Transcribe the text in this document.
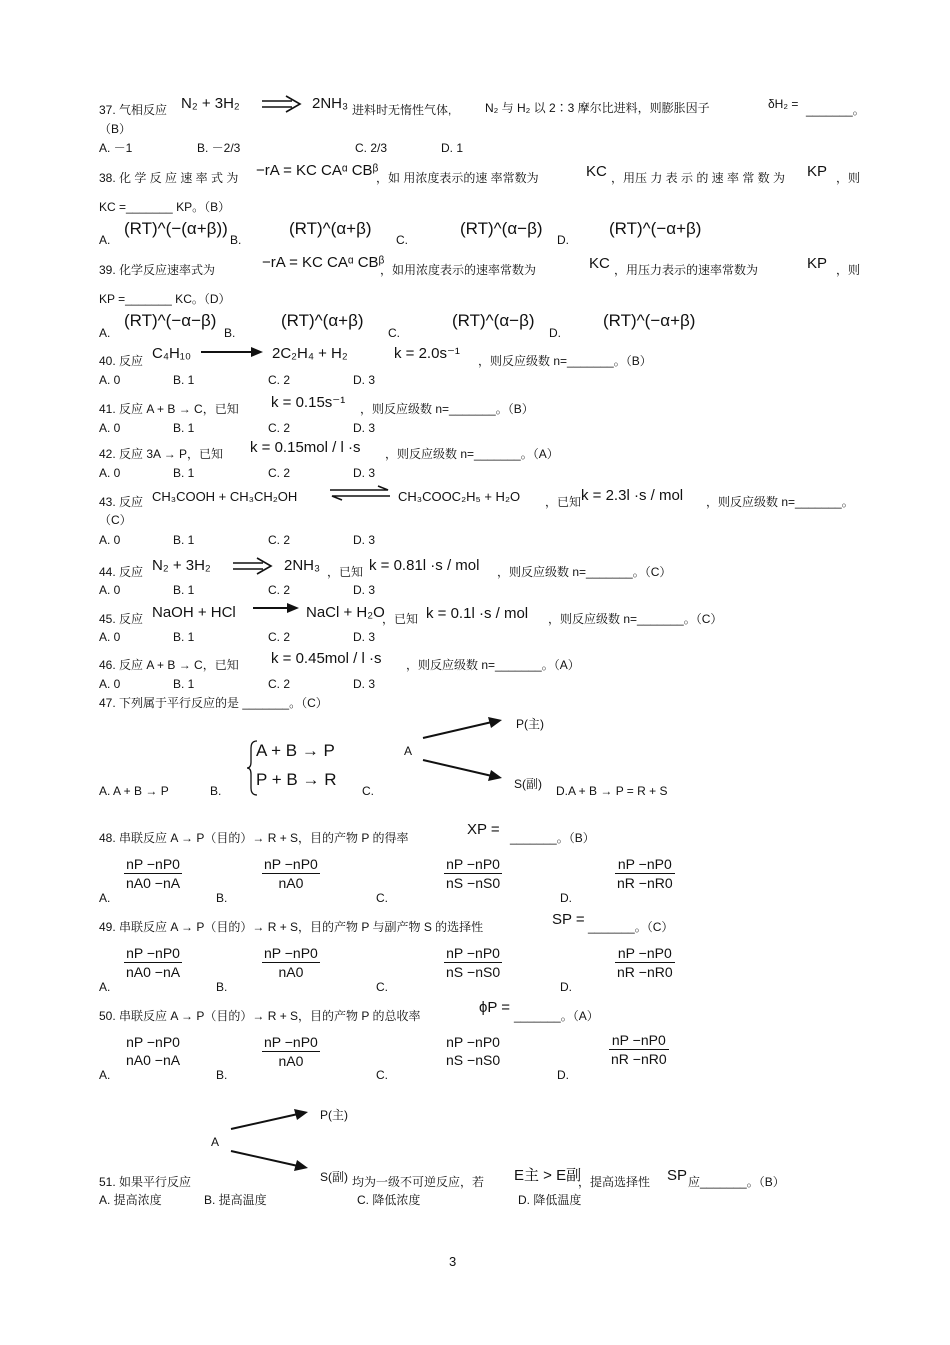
37. 气相反应 N₂ + 3H₂	2NH₃ 进料时无惰性气体,	N₂ 与 H₂ 以 2∶3 摩尔比进料，则膨胀因子	δH₂ = _______。
（B）
A. －1	B. －2/3	C. 2/3	D. 1
38. 化 学 反 应 速 率 式 为 −rA = KC CAᵅ CBᵝ
，如 用浓度表示的速 率常数为	KC ，用压 力 表 示 的 速 率 常 数 为 KP ，则
KC =_______ KP。（B）
A.
(RT)^(−(α+β))
B.
(RT)^(α+β)
C.
(RT)^(α−β)
D.
(RT)^(−α+β)
39. 化学反应速率式为	−rA = KC CAᵅ CBᵝ
，如用浓度表示的速率常数为	KC ，用压力表示的速率常数为	KP ，则
KP =_______ KC。（D）
A.
(RT)^(−α−β)
B.
(RT)^(α+β)
C.
(RT)^(α−β)
D.
(RT)^(−α+β)
40. 反应 C₄H₁₀	2C₂H₄ + H₂	k = 2.0s⁻¹ ，则反应级数 n=_______。（B）
A. 0	B. 1	C. 2	D. 3
41. 反应 A + B → C，已知 k = 0.15s⁻¹ ，则反应级数 n=_______。（B）
A. 0	B. 1	C. 2	D. 3
42. 反应 3A → P，已知 k = 0.15mol / l ·s ，则反应级数 n=_______。（A）
A. 0	B. 1	C. 2	D. 3
43. 反应 CH₃COOH + CH₃CH₂OH ⇌ CH₃COOC₂H₅ + H₂O ，已知 k = 2.3l ·s / mol ，则反应级数 n=_______。
（C）
A. 0	B. 1	C. 2	D. 3
44. 反应 N₂ + 3H₂	2NH₃ ，已知 k = 0.81l ·s / mol ，则反应级数 n=_______。（C）
A. 0	B. 1	C. 2	D. 3
45. 反应 NaOH + HCl	NaCl + H₂O
，已知 k = 0.1l ·s / mol ，则反应级数 n=_______。（C）
A. 0	B. 1	C. 2	D. 3
46. 反应 A + B → C，已知 k = 0.45mol / l ·s ，则反应级数 n=_______。（A）
A. 0	B. 1	C. 2	D. 3
47. 下列属于平行反应的是 _______。（C）
A. A + B → P	B.
A + B → P
P + B → R
C.
A
P(主)
S(副) D.A + B → P = R + S
48. 串联反应 A → P（目的）→ R + S，目的产物 P 的得率	XP = _______。（B）
A.
$\frac{nP -nP0}{nA0 -nA}$
B.
$\frac{nP -nP0}{nA0}$
C.
$\frac{nP -nP0}{nS -nS0}$
D.
$\frac{nP -nP0}{nR -nR0}$
49. 串联反应 A → P（目的）→ R + S，目的产物 P 与副产物 S 的选择性	SP = _______。（C）
A.
$\frac{nP -nP0}{nA0 -nA}$
B.
$\frac{nP -nP0}{nA0}$
C.
$\frac{nP -nP0}{nS -nS0}$
D.
$\frac{nP -nP0}{nR -nR0}$
50. 串联反应 A → P（目的）→ R + S，目的产物 P 的总收率	ϕP = _______。（A）
A.
nP −nP0
nA0 −nA
B.
$\frac{nP -nP0}{nA0}$
C.
nP −nP0
nS −nS0
D.
$\frac{nP -nP0}{nR -nR0}$
A
P(主)
S(副)
51. 如果平行反应	均为一级不可逆反应，若 E主 > E副
，提高选择性 SP 应_______。（B）
A. 提高浓度	B. 提高温度	C. 降低浓度	D. 降低温度
3
